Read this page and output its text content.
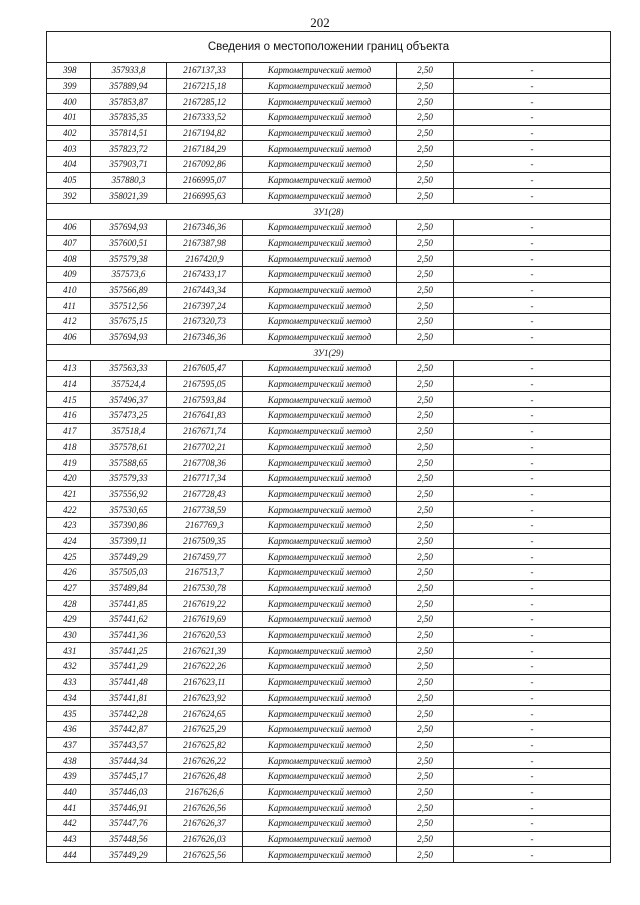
202
Сведения о местоположении границ объекта					
398	357933,8	2167137,33	Картометрический метод	2,50	-
399	357889,94	2167215,18	Картометрический метод	2,50	-
400	357853,87	2167285,12	Картометрический метод	2,50	-
401	357835,35	2167333,52	Картометрический метод	2,50	-
402	357814,51	2167194,82	Картометрический метод	2,50	-
403	357823,72	2167184,29	Картометрический метод	2,50	-
404	357903,71	2167092,86	Картометрический метод	2,50	-
405	357880,3	2166995,07	Картометрический метод	2,50	-
392	358021,39	2166995,63	Картометрический метод	2,50	-
ЗУ1(28)					
406	357694,93	2167346,36	Картометрический метод	2,50	-
407	357600,51	2167387,98	Картометрический метод	2,50	-
408	357579,38	2167420,9	Картометрический метод	2,50	-
409	357573,6	2167433,17	Картометрический метод	2,50	-
410	357566,89	2167443,34	Картометрический метод	2,50	-
411	357512,56	2167397,24	Картометрический метод	2,50	-
412	357675,15	2167320,73	Картометрический метод	2,50	-
406	357694,93	2167346,36	Картометрический метод	2,50	-
ЗУ1(29)					
413	357563,33	2167605,47	Картометрический метод	2,50	-
414	357524,4	2167595,05	Картометрический метод	2,50	-
415	357496,37	2167593,84	Картометрический метод	2,50	-
416	357473,25	2167641,83	Картометрический метод	2,50	-
417	357518,4	2167671,74	Картометрический метод	2,50	-
418	357578,61	2167702,21	Картометрический метод	2,50	-
419	357588,65	2167708,36	Картометрический метод	2,50	-
420	357579,33	2167717,34	Картометрический метод	2,50	-
421	357556,92	2167728,43	Картометрический метод	2,50	-
422	357530,65	2167738,59	Картометрический метод	2,50	-
423	357390,86	2167769,3	Картометрический метод	2,50	-
424	357399,11	2167509,35	Картометрический метод	2,50	-
425	357449,29	2167459,77	Картометрический метод	2,50	-
426	357505,03	2167513,7	Картометрический метод	2,50	-
427	357489,84	2167530,78	Картометрический метод	2,50	-
428	357441,85	2167619,22	Картометрический метод	2,50	-
429	357441,62	2167619,69	Картометрический метод	2,50	-
430	357441,36	2167620,53	Картометрический метод	2,50	-
431	357441,25	2167621,39	Картометрический метод	2,50	-
432	357441,29	2167622,26	Картометрический метод	2,50	-
433	357441,48	2167623,11	Картометрический метод	2,50	-
434	357441,81	2167623,92	Картометрический метод	2,50	-
435	357442,28	2167624,65	Картометрический метод	2,50	-
436	357442,87	2167625,29	Картометрический метод	2,50	-
437	357443,57	2167625,82	Картометрический метод	2,50	-
438	357444,34	2167626,22	Картометрический метод	2,50	-
439	357445,17	2167626,48	Картометрический метод	2,50	-
440	357446,03	2167626,6	Картометрический метод	2,50	-
441	357446,91	2167626,56	Картометрический метод	2,50	-
442	357447,76	2167626,37	Картометрический метод	2,50	-
443	357448,56	2167626,03	Картометрический метод	2,50	-
444	357449,29	2167625,56	Картометрический метод	2,50	-
